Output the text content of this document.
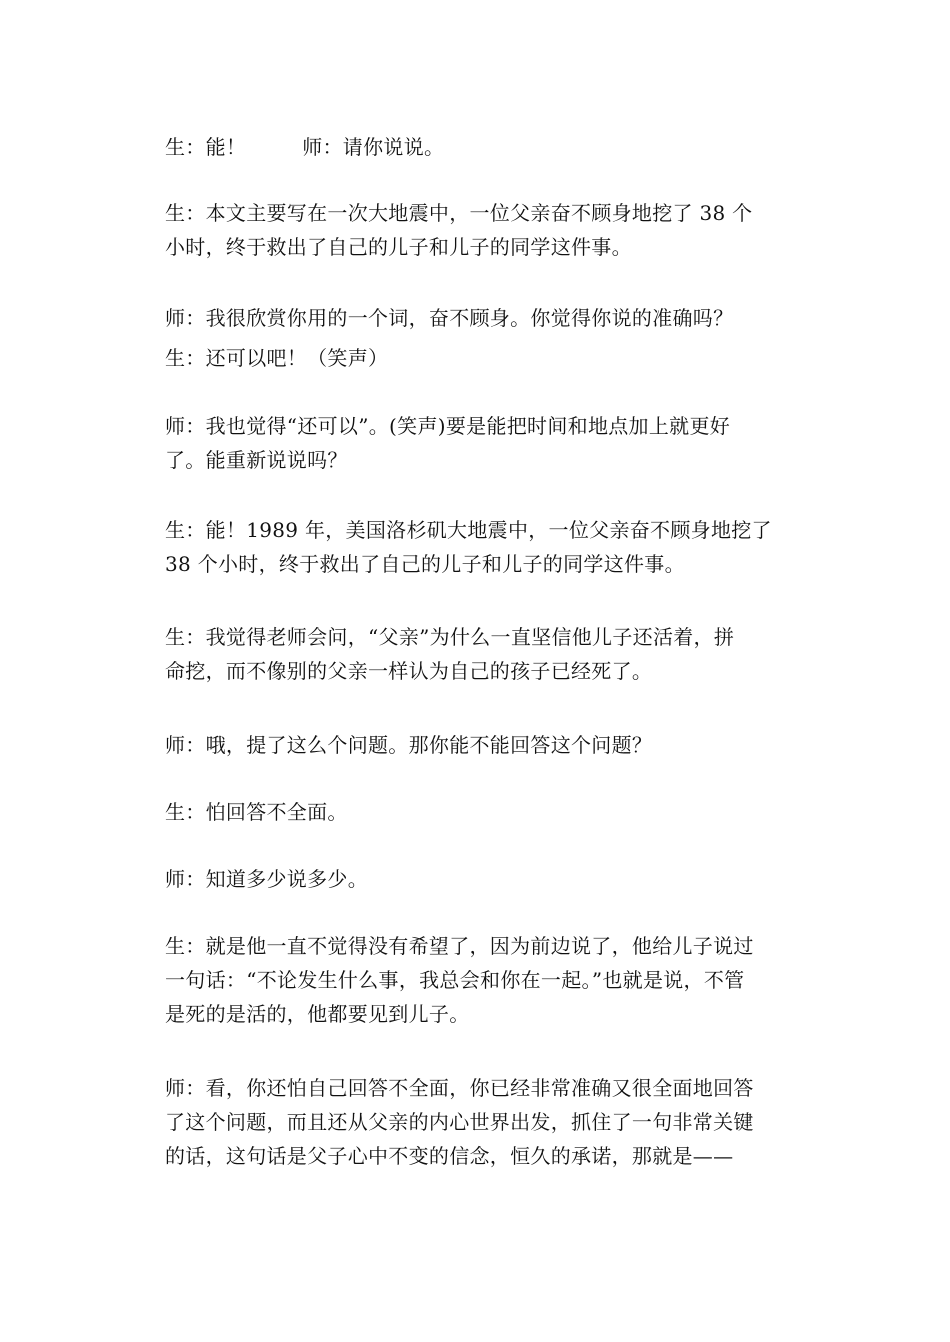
生：能！	师：请你说说。

生：本文主要写在一次大地震中，一位父亲奋不顾身地挖了 38 个
小时，终于救出了自己的儿子和儿子的同学这件事。

师：我很欣赏你用的一个词，奋不顾身。你觉得你说的准确吗？

生：还可以吧！（笑声）

师：我也觉得“还可以”。(笑声)要是能把时间和地点加上就更好
了。能重新说说吗？

生：能！1989 年，美国洛杉矶大地震中，一位父亲奋不顾身地挖了
38 个小时，终于救出了自己的儿子和儿子的同学这件事。

生：我觉得老师会问，“父亲”为什么一直坚信他儿子还活着，拼
命挖，而不像别的父亲一样认为自己的孩子已经死了。

师：哦，提了这么个问题。那你能不能回答这个问题？

生：怕回答不全面。

师：知道多少说多少。

生：就是他一直不觉得没有希望了，因为前边说了，他给儿子说过
一句话：“不论发生什么事，我总会和你在一起。”也就是说，不管
是死的是活的，他都要见到儿子。

师：看，你还怕自己回答不全面，你已经非常准确又很全面地回答
了这个问题，而且还从父亲的内心世界出发，抓住了一句非常关键
的话，这句话是父子心中不变的信念，恒久的承诺，那就是——
